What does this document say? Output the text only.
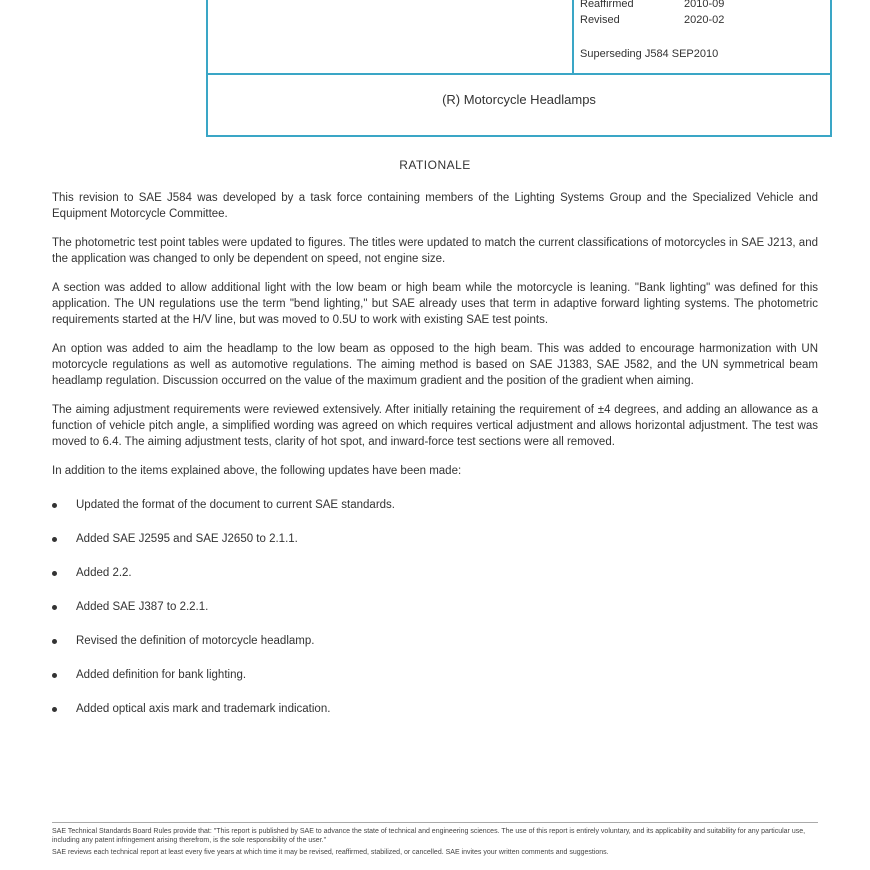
Reaffirmed	2010-09
Revised	2020-02
Superseding J584 SEP2010
(R) Motorcycle Headlamps
RATIONALE

This revision to SAE J584 was developed by a task force containing members of the Lighting Systems Group and the Specialized Vehicle and Equipment Motorcycle Committee.

The photometric test point tables were updated to figures. The titles were updated to match the current classifications of motorcycles in SAE J213, and the application was changed to only be dependent on speed, not engine size.

A section was added to allow additional light with the low beam or high beam while the motorcycle is leaning. "Bank lighting" was defined for this application. The UN regulations use the term "bend lighting," but SAE already uses that term in adaptive forward lighting systems. The photometric requirements started at the H/V line, but was moved to 0.5U to work with existing SAE test points.

An option was added to aim the headlamp to the low beam as opposed to the high beam. This was added to encourage harmonization with UN motorcycle regulations as well as automotive regulations. The aiming method is based on SAE J1383, SAE J582, and the UN symmetrical beam headlamp regulation. Discussion occurred on the value of the maximum gradient and the position of the gradient when aiming.

The aiming adjustment requirements were reviewed extensively. After initially retaining the requirement of ±4 degrees, and adding an allowance as a function of vehicle pitch angle, a simplified wording was agreed on which requires vertical adjustment and allows horizontal adjustment. The test was moved to 6.4. The aiming adjustment tests, clarity of hot spot, and inward-force test sections were all removed.

In addition to the items explained above, the following updates have been made:

Updated the format of the document to current SAE standards.
Added SAE J2595 and SAE J2650 to 2.1.1.
Added 2.2.
Added SAE J387 to 2.2.1.
Revised the definition of motorcycle headlamp.
Added definition for bank lighting.
Added optical axis mark and trademark indication.

SAE Technical Standards Board Rules provide that: "This report is published by SAE to advance the state of technical and engineering sciences. The use of this report is entirely voluntary, and its applicability and suitability for any particular use, including any patent infringement arising therefrom, is the sole responsibility of the user."

SAE reviews each technical report at least every five years at which time it may be revised, reaffirmed, stabilized, or cancelled. SAE invites your written comments and suggestions.
